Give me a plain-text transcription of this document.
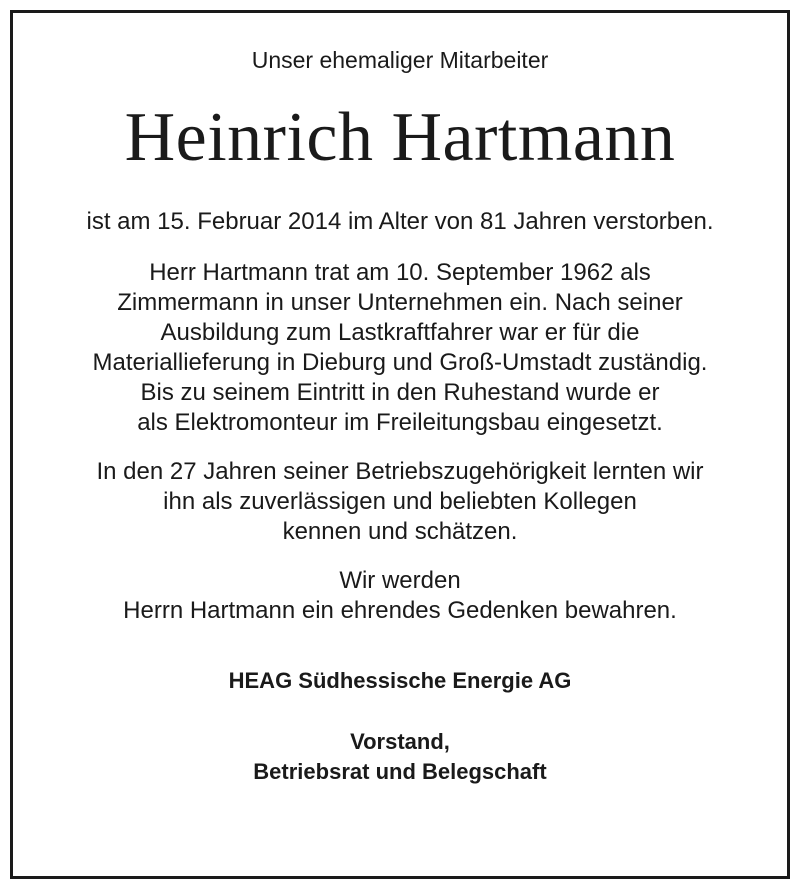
Unser ehemaliger Mitarbeiter
Heinrich Hartmann
ist am 15. Februar 2014 im Alter von 81 Jahren verstorben.
Herr Hartmann trat am 10. September 1962 als
Zimmermann in unser Unternehmen ein. Nach seiner
Ausbildung zum Lastkraftfahrer war er für die
Materiallieferung in Dieburg und Groß-Umstadt zuständig.
Bis zu seinem Eintritt in den Ruhestand wurde er
als Elektromonteur im Freileitungsbau eingesetzt.
In den 27 Jahren seiner Betriebszugehörigkeit lernten wir
ihn als zuverlässigen und beliebten Kollegen
kennen und schätzen.
Wir werden
Herrn Hartmann ein ehrendes Gedenken bewahren.
HEAG Südhessische Energie AG
Vorstand,
Betriebsrat und Belegschaft
